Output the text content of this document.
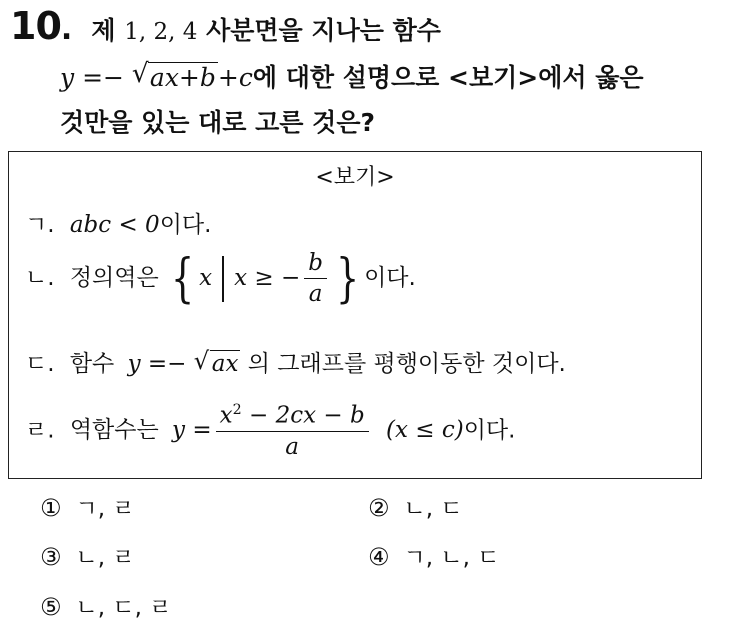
10. 제 1, 2, 4 사분면을 지나는 함수
y =− √ ax+b+c에 대한 설명으로 <보기>에서 옳은
것만을 있는 대로 고른 것은?
<보기>
ㄱ. abc < 0이다.
ㄴ. 정의역은 { x x ≥ − $\frac{b}{a}$ } 이다.
ㄷ. 함수 y =− √ ax 의 그래프를 평행이동한 것이다.
ㄹ. 역함수는 $y = \frac{x^2 - 2cx - b}{a} (x \le c)$이다.
① ㄱ, ㄹ	② ㄴ, ㄷ
③ ㄴ, ㄹ	④ ㄱ, ㄴ, ㄷ
⑤ ㄴ, ㄷ, ㄹ
